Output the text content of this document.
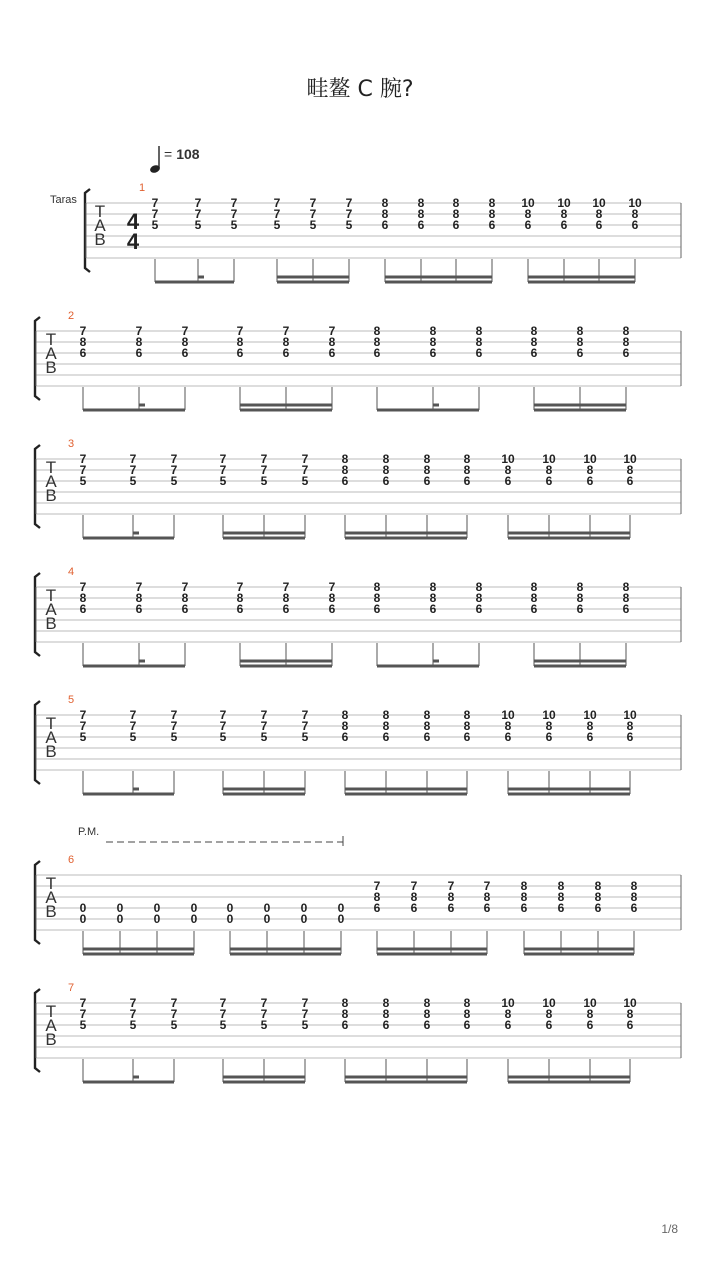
畦鳌 C 腕?
= 108
Taras
P.M.
T
A
B
4
4
1
7
7
5
7
7
5
7
7
5
7
7
5
7
7
5
7
7
5
8
8
6
8
8
6
8
8
6
8
8
6
10
8
6
10
8
6
10
8
6
10
8
6
T
A
B
2
7
8
6
7
8
6
7
8
6
7
8
6
7
8
6
7
8
6
8
8
6
8
8
6
8
8
6
8
8
6
8
8
6
8
8
6
T
A
B
3
7
7
5
7
7
5
7
7
5
7
7
5
7
7
5
7
7
5
8
8
6
8
8
6
8
8
6
8
8
6
10
8
6
10
8
6
10
8
6
10
8
6
T
A
B
4
7
8
6
7
8
6
7
8
6
7
8
6
7
8
6
7
8
6
8
8
6
8
8
6
8
8
6
8
8
6
8
8
6
8
8
6
T
A
B
5
7
7
5
7
7
5
7
7
5
7
7
5
7
7
5
7
7
5
8
8
6
8
8
6
8
8
6
8
8
6
10
8
6
10
8
6
10
8
6
10
8
6
T
A
B
6
0
0
0
0
0
0
0
0
0
0
0
0
0
0
0
0
7
8
6
7
8
6
7
8
6
7
8
6
8
8
6
8
8
6
8
8
6
8
8
6
T
A
B
7
7
7
5
7
7
5
7
7
5
7
7
5
7
7
5
7
7
5
8
8
6
8
8
6
8
8
6
8
8
6
10
8
6
10
8
6
10
8
6
10
8
6
1/8
